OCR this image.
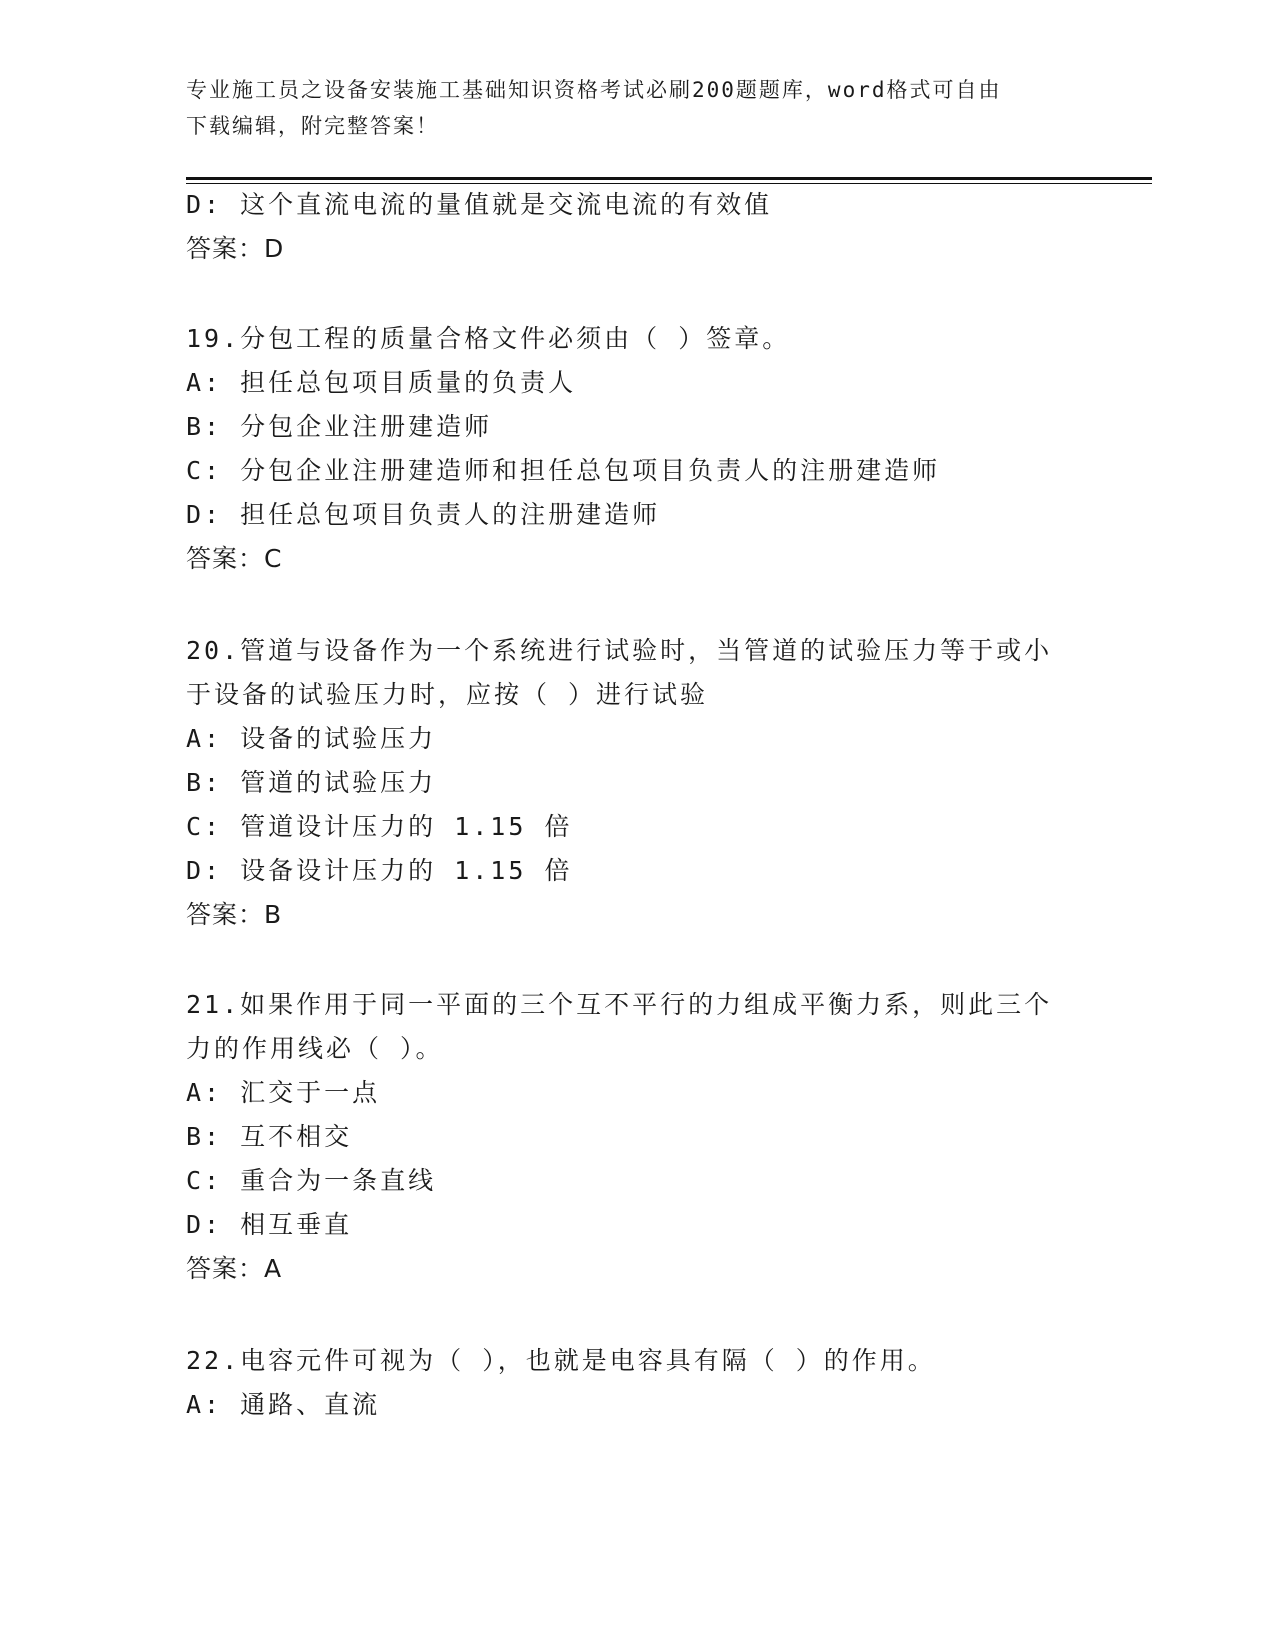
专业施工员之设备安装施工基础知识资格考试必刷200题题库，word格式可自由
下载编辑，附完整答案！
D: 这个直流电流的量值就是交流电流的有效值
答案：D
19.分包工程的质量合格文件必须由（ ）签章。
A: 担任总包项目质量的负责人
B: 分包企业注册建造师
C: 分包企业注册建造师和担任总包项目负责人的注册建造师
D: 担任总包项目负责人的注册建造师
答案：C
20.管道与设备作为一个系统进行试验时，当管道的试验压力等于或小
于设备的试验压力时，应按（ ）进行试验
A: 设备的试验压力
B: 管道的试验压力
C: 管道设计压力的 1.15 倍
D: 设备设计压力的 1.15 倍
答案：B
21.如果作用于同一平面的三个互不平行的力组成平衡力系，则此三个
力的作用线必（ ）。
A: 汇交于一点
B: 互不相交
C: 重合为一条直线
D: 相互垂直
答案：A
22.电容元件可视为（ ），也就是电容具有隔（ ）的作用。
A: 通路、直流
